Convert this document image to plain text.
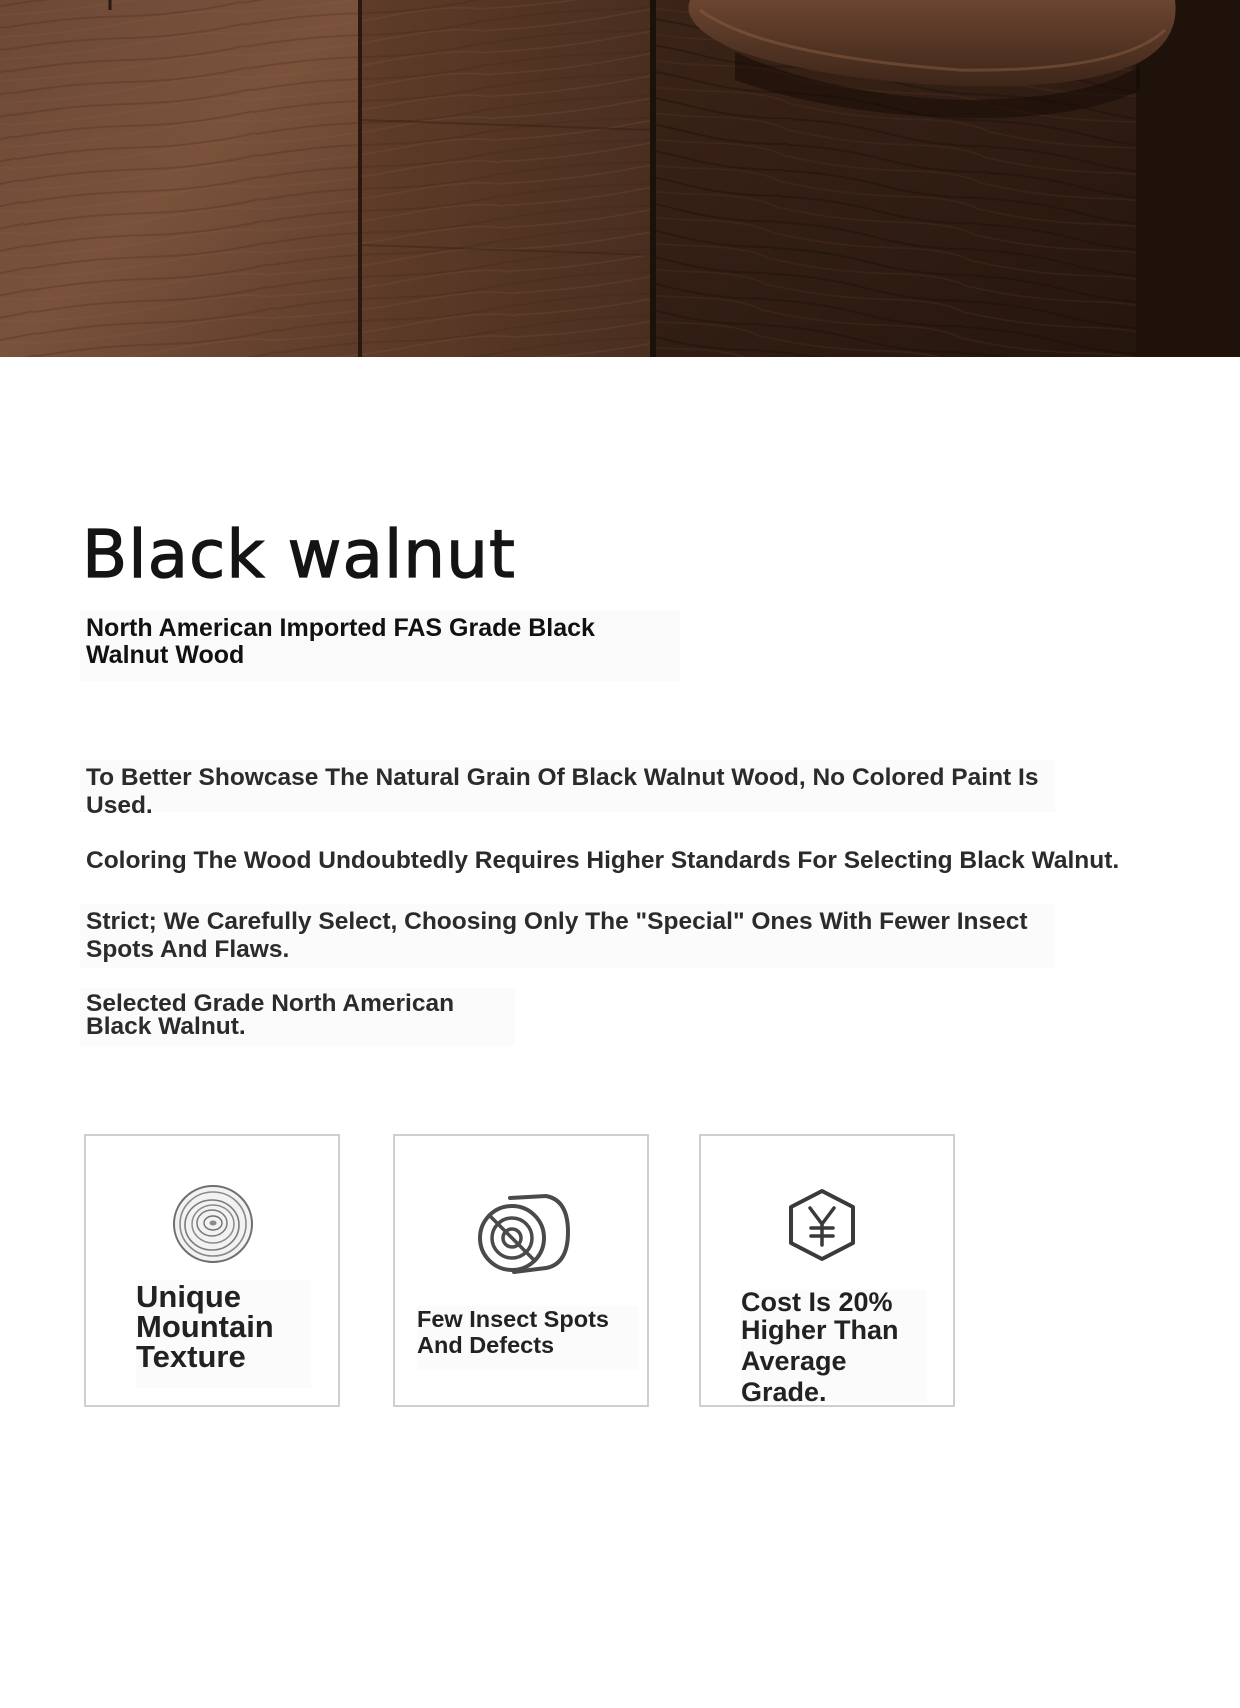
Black walnut

North American Imported FAS Grade Black Walnut Wood

To Better Showcase The Natural Grain Of Black Walnut Wood, No Colored Paint Is Used.

Coloring The Wood Undoubtedly Requires Higher Standards For Selecting Black Walnut.

Strict; We Carefully Select, Choosing Only The "Special" Ones With Fewer Insect Spots And Flaws.

Selected Grade North American Black Walnut.

Unique Mountain Texture

Few Insect Spots And Defects

Cost Is 20%
Higher Than Average Grade.
